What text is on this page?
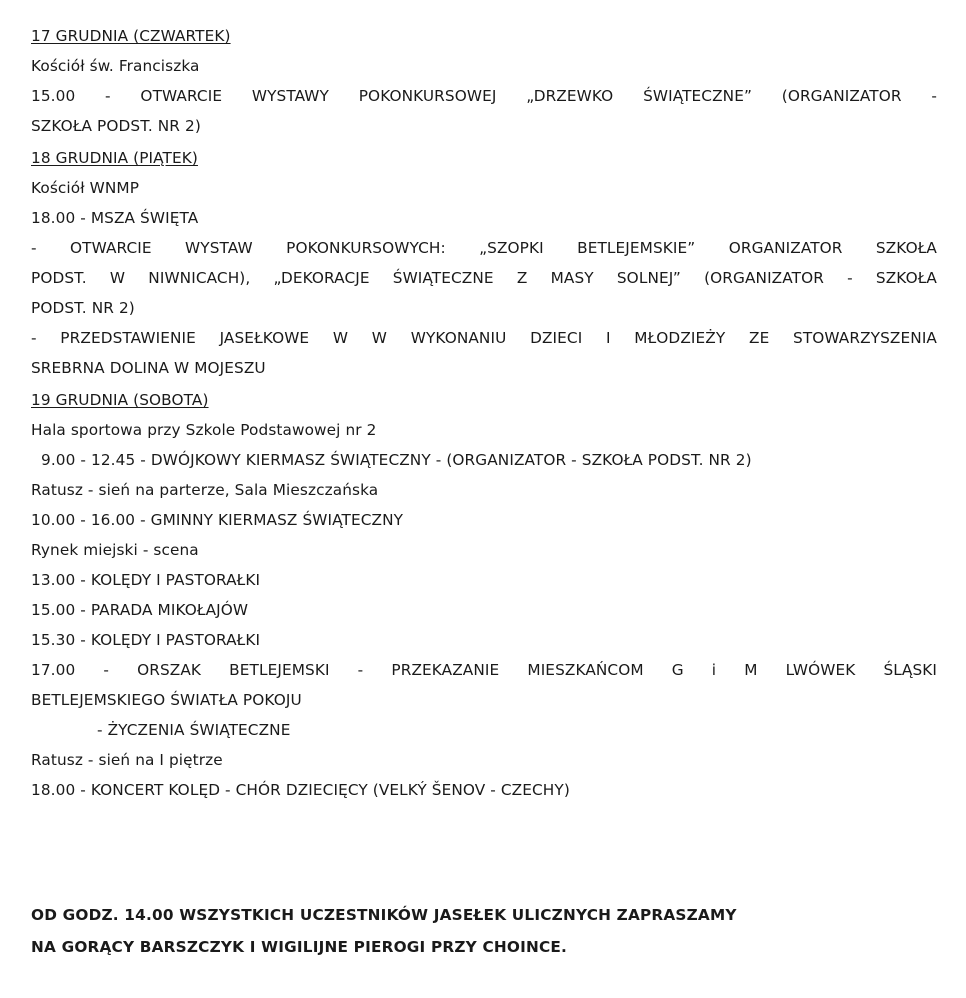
17 GRUDNIA (CZWARTEK)
Kościół św. Franciszka
15.00 - OTWARCIE WYSTAWY POKONKURSOWEJ „DRZEWKO ŚWIĄTECZNE” (ORGANIZATOR -
SZKOŁA PODST. NR 2)
18 GRUDNIA (PIĄTEK)
Kościół WNMP
18.00 - MSZA ŚWIĘTA
- OTWARCIE WYSTAW POKONKURSOWYCH: „SZOPKI BETLEJEMSKIE” ORGANIZATOR SZKOŁA
PODST. W NIWNICACH), „DEKORACJE ŚWIĄTECZNE Z MASY SOLNEJ” (ORGANIZATOR - SZKOŁA
PODST. NR 2)
- PRZEDSTAWIENIE JASEŁKOWE W W WYKONANIU DZIECI I MŁODZIEŻY ZE STOWARZYSZENIA
SREBRNA DOLINA W MOJESZU
19 GRUDNIA (SOBOTA)
Hala sportowa przy Szkole Podstawowej nr 2
9.00 - 12.45 - DWÓJKOWY KIERMASZ ŚWIĄTECZNY - (ORGANIZATOR - SZKOŁA PODST. NR 2)
Ratusz - sień na parterze, Sala Mieszczańska
10.00 - 16.00 - GMINNY KIERMASZ ŚWIĄTECZNY
Rynek miejski - scena
13.00 - KOLĘDY I PASTORAŁKI
15.00 - PARADA MIKOŁAJÓW
15.30 - KOLĘDY I PASTORAŁKI
17.00 - ORSZAK BETLEJEMSKI - PRZEKAZANIE MIESZKAŃCOM G i M LWÓWEK ŚLĄSKI
BETLEJEMSKIEGO ŚWIATŁA POKOJU
- ŻYCZENIA ŚWIĄTECZNE
Ratusz - sień na I piętrze
18.00 - KONCERT KOLĘD - CHÓR DZIECIĘCY (VELKÝ ŠENOV - CZECHY)
OD GODZ. 14.00 WSZYSTKICH UCZESTNIKÓW JASEŁEK ULICZNYCH ZAPRASZAMY
NA GORĄCY BARSZCZYK I WIGILIJNE PIEROGI PRZY CHOINCE.
